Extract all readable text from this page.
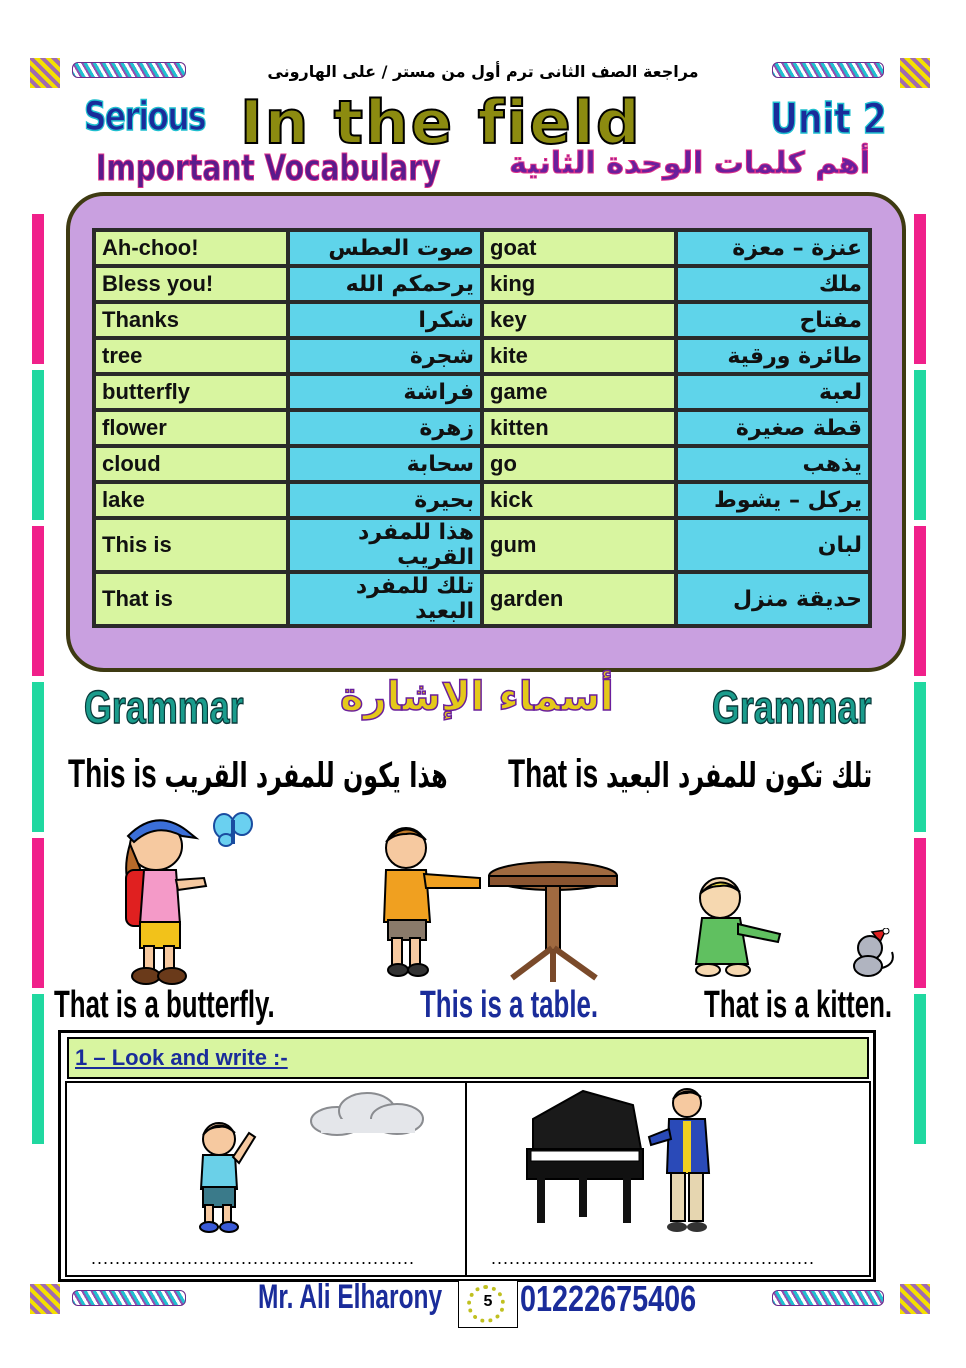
مراجعة الصف الثانى ترم أول من مستر / على الهارونى
Serious In the field	Unit 2
Important Vocabulary	أهم كلمات الوحدة الثانية
Ah-choo!	صوت العطس	goat	عنزة – معزة
Bless you!	يرحمكم الله	king	ملك
Thanks	شكرا	key	مفتاح
tree	شجرة	kite	طائرة ورقية
butterfly	فراشة	game	لعبة
flower	زهرة	kitten	قطة صغيرة
cloud	سحابة	go	يذهب
lake	بحيرة	kick	يركل – يشوط
This is	هذا للمفرد القريب	gum	لبان
That is	تلك للمفرد البعيد	garden	حديقة منزل
Grammar أسماء الإشارة Grammar
This is هذا يكون للمفرد القريب That is تلك تكون للمفرد البعيد
That is a butterfly.	This is a table.	That is a kitten.
1 – Look and write :-
......................................................	......................................................
Mr. Ali Elharony	5 01222675406
